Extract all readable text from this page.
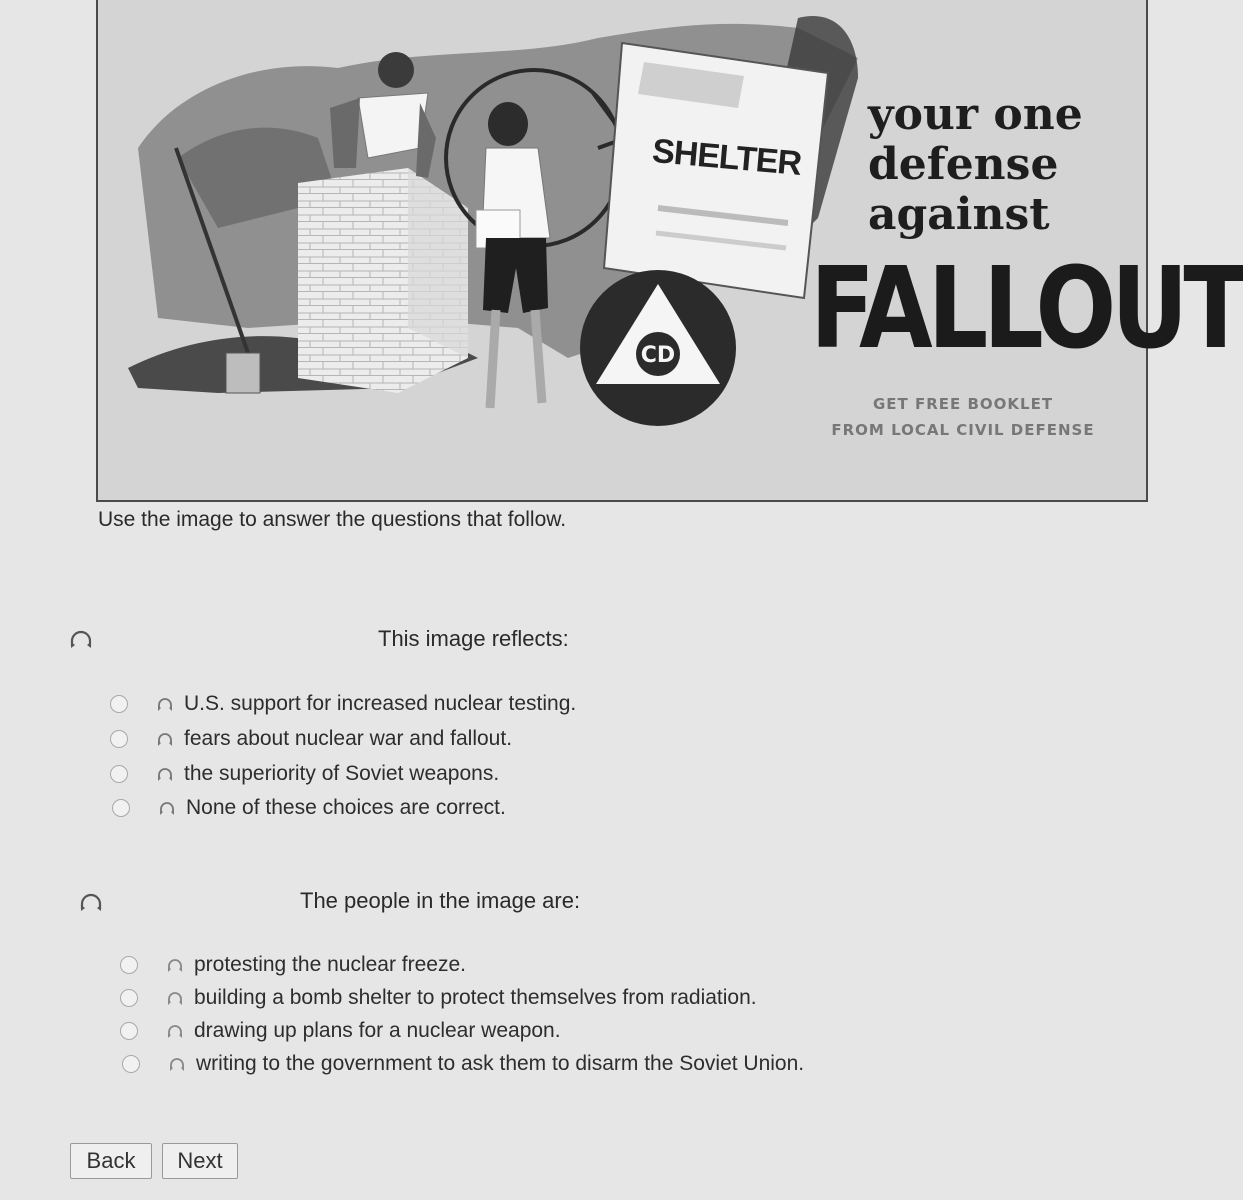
CD
SHELTER
your one defense against
FALLOUT
GET FREE BOOKLET
FROM LOCAL CIVIL DEFENSE
Use the image to answer the questions that follow.
This image reflects:
U.S. support for increased nuclear testing.
fears about nuclear war and fallout.
the superiority of Soviet weapons.
None of these choices are correct.
The people in the image are:
protesting the nuclear freeze.
building a bomb shelter to protect themselves from radiation.
drawing up plans for a nuclear weapon.
writing to the government to ask them to disarm the Soviet Union.
Back	Next
